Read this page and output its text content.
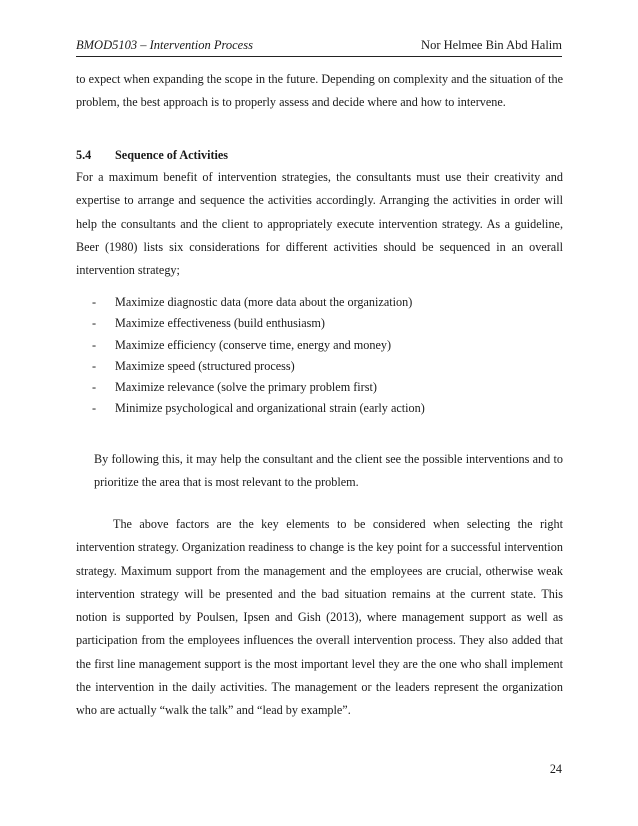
BMOD5103 – Intervention Process	Nor Helmee Bin Abd Halim

to expect when expanding the scope in the future. Depending on complexity and the situation of the problem, the best approach is to properly assess and decide where and how to intervene.

5.4 Sequence of Activities

For a maximum benefit of intervention strategies, the consultants must use their creativity and expertise to arrange and sequence the activities accordingly. Arranging the activities in order will help the consultants and the client to appropriately execute intervention strategy. As a guideline, Beer (1980) lists six considerations for different activities should be sequenced in an overall intervention strategy;

- Maximize diagnostic data (more data about the organization)
- Maximize effectiveness (build enthusiasm)
- Maximize efficiency (conserve time, energy and money)
- Maximize speed (structured process)
- Maximize relevance (solve the primary problem first)
- Minimize psychological and organizational strain (early action)

By following this, it may help the consultant and the client see the possible interventions and to prioritize the area that is most relevant to the problem.

The above factors are the key elements to be considered when selecting the right intervention strategy. Organization readiness to change is the key point for a successful intervention strategy. Maximum support from the management and the employees are crucial, otherwise weak intervention strategy will be presented and the bad situation remains at the current state. This notion is supported by Poulsen, Ipsen and Gish (2013), where management support as well as participation from the employees influences the overall intervention process. They also added that the first line management support is the most important level they are the one who shall implement the intervention in the daily activities. The management or the leaders represent the organization who are actually “walk the talk” and “lead by example”.

24
